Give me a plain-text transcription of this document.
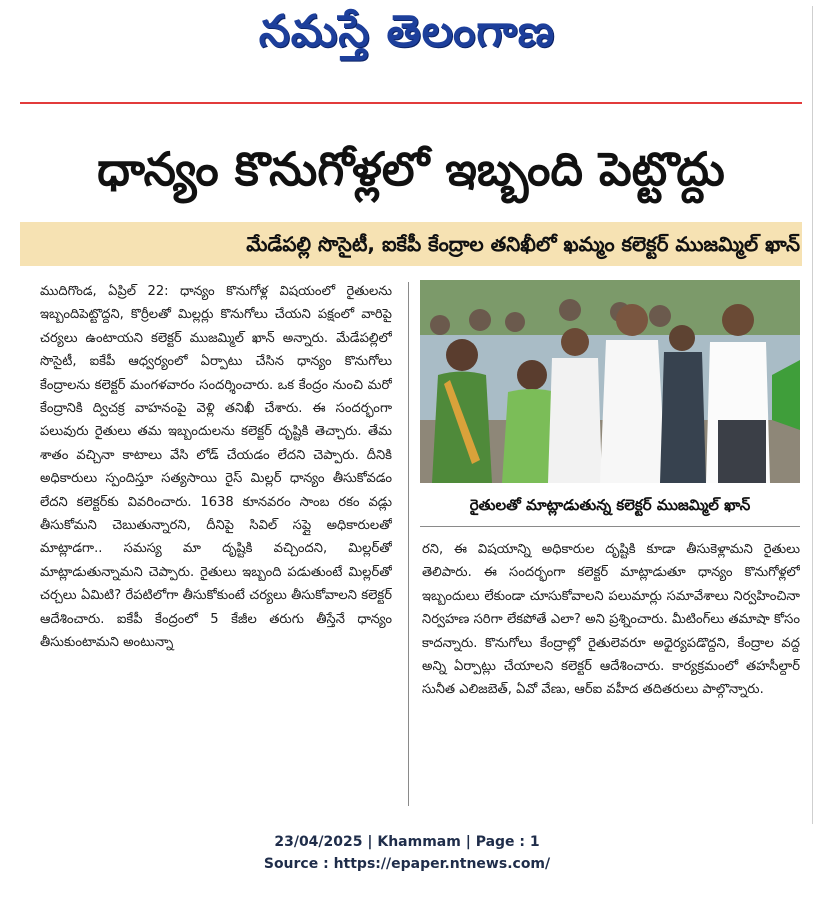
నమస్తే తెలంగాణ
ధాన్యం కొనుగోళ్లలో ఇబ్బంది పెట్టొద్దు
మేడేపల్లి సొసైటీ, ఐకేపీ కేంద్రాల తనిఖీలో ఖమ్మం కలెక్టర్ ముజమ్మిల్ ఖాన్
ముదిగొండ, ఏప్రిల్ 22: ధాన్యం కొనుగోళ్ల విషయంలో రైతులను ఇబ్బందిపెట్టొద్దని, కొర్రీలతో మిల్లర్లు కొనుగోలు చేయని పక్షంలో వారిపై చర్యలు ఉంటాయని కలెక్టర్ ముజమ్మిల్ ఖాన్ అన్నారు. మేడేపల్లిలో సొసైటీ, ఐకేపీ ఆధ్వర్యంలో ఏర్పాటు చేసిన ధాన్యం కొనుగోలు కేంద్రాలను కలెక్టర్ మంగళవారం సందర్శించారు. ఒక కేంద్రం నుంచి మరో కేంద్రానికి ద్విచక్ర వాహనంపై వెళ్లి తనిఖీ చేశారు. ఈ సందర్భంగా పలువురు రైతులు తమ ఇబ్బందులను కలెక్టర్ దృష్టికి తెచ్చారు. తేమ శాతం వచ్చినా కాటాలు వేసి లోడ్ చేయడం లేదని చెప్పారు. దీనికి అధికారులు స్పందిస్తూ సత్యసాయి రైస్ మిల్లర్ ధాన్యం తీసుకోవడం లేదని కలెక్టర్‌కు వివరించారు. 1638 కూనవరం సాంబ రకం వడ్లు తీసుకోమని చెబుతున్నారని, దీనిపై సివిల్ సప్లై అధికారులతో మాట్లాడగా.. సమస్య మా దృష్టికి వచ్చిందని, మిల్లర్‌తో మాట్లాడుతున్నామని చెప్పారు. రైతులు ఇబ్బంది పడుతుంటే మిల్లర్‌తో చర్చలు ఏమిటి? రేపటిలోగా తీసుకోకుంటే చర్యలు తీసుకోవాలని కలెక్టర్ ఆదేశించారు. ఐకేపీ కేంద్రంలో 5 కేజీల తరుగు తీస్తేనే ధాన్యం తీసుకుంటామని అంటున్నా
రైతులతో మాట్లాడుతున్న కలెక్టర్ ముజమ్మిల్ ఖాన్
రని, ఈ విషయాన్ని అధికారుల దృష్టికి కూడా తీసుకెళ్లామని రైతులు తెలిపారు. ఈ సందర్భంగా కలెక్టర్ మాట్లాడుతూ ధాన్యం కొనుగోళ్లలో ఇబ్బందులు లేకుండా చూసుకోవాలని పలుమార్లు సమావేశాలు నిర్వహించినా నిర్వహణ సరిగా లేకపోతే ఎలా? అని ప్రశ్నించారు. మీటింగ్‌లు తమాషా కోసం కాదన్నారు. కొనుగోలు కేంద్రాల్లో రైతులెవరూ అధైర్యపడొద్దని, కేంద్రాల వద్ద అన్ని ఏర్పాట్లు చేయాలని కలెక్టర్ ఆదేశించారు. కార్యక్రమంలో తహసీల్దార్ సునీత ఎలిజబెత్, ఏవో వేణు, ఆర్ఐ వహీద తదితరులు పాల్గొన్నారు.
23/04/2025 | Khammam | Page : 1
Source : https://epaper.ntnews.com/
